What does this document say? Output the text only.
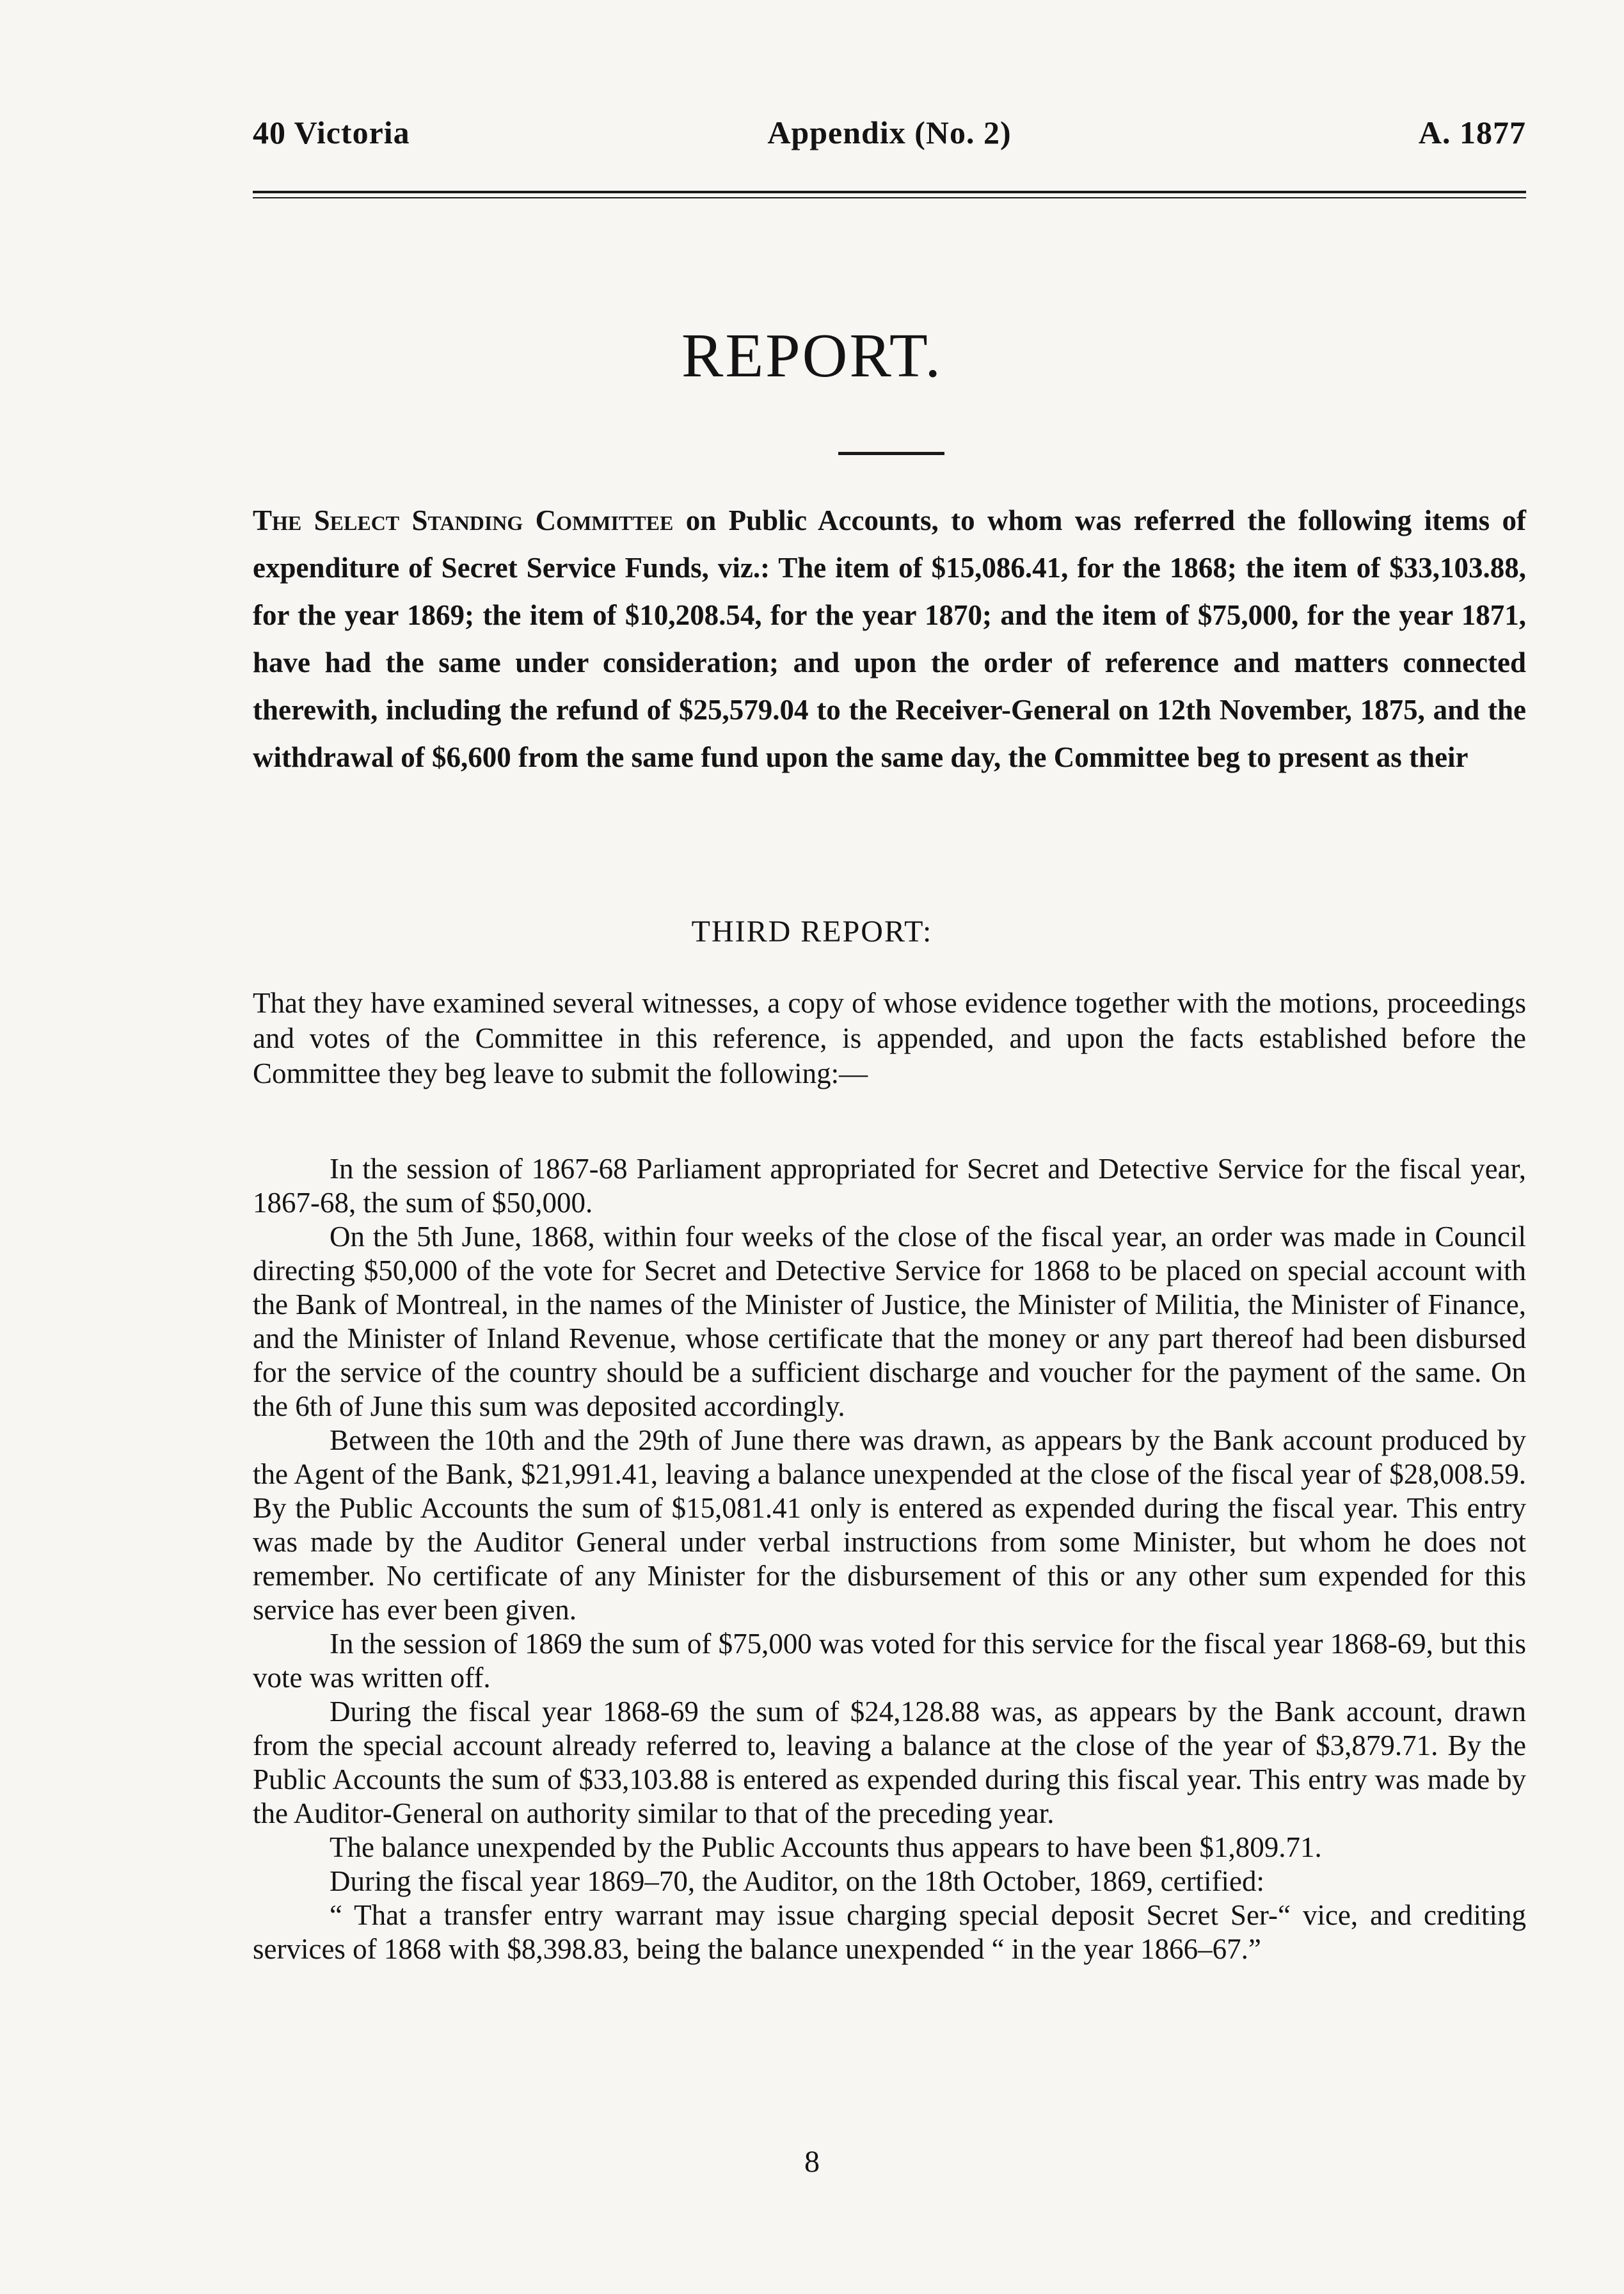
40 Victoria	Appendix (No. 2)	A. 1877
REPORT.
The Select Standing Committee on Public Accounts, to whom was referred the following items of expenditure of Secret Service Funds, viz.: The item of $15,086.41, for the 1868; the item of $33,103.88, for the year 1869; the item of $10,208.54, for the year 1870; and the item of $75,000, for the year 1871, have had the same under consideration; and upon the order of reference and matters connected therewith, including the refund of $25,579.04 to the Receiver-General on 12th November, 1875, and the withdrawal of $6,600 from the same fund upon the same day, the Committee beg to present as their
THIRD REPORT:
That they have examined several witnesses, a copy of whose evidence together with the motions, proceedings and votes of the Committee in this reference, is appended, and upon the facts established before the Committee they beg leave to submit the following:—

In the session of 1867-68 Parliament appropriated for Secret and Detective Service for the fiscal year, 1867-68, the sum of $50,000.

On the 5th June, 1868, within four weeks of the close of the fiscal year, an order was made in Council directing $50,000 of the vote for Secret and Detective Service for 1868 to be placed on special account with the Bank of Montreal, in the names of the Minister of Justice, the Minister of Militia, the Minister of Finance, and the Minister of Inland Revenue, whose certificate that the money or any part thereof had been disbursed for the service of the country should be a sufficient discharge and voucher for the payment of the same. On the 6th of June this sum was deposited accordingly.

Between the 10th and the 29th of June there was drawn, as appears by the Bank account produced by the Agent of the Bank, $21,991.41, leaving a balance unexpended at the close of the fiscal year of $28,008.59. By the Public Accounts the sum of $15,081.41 only is entered as expended during the fiscal year. This entry was made by the Auditor General under verbal instructions from some Minister, but whom he does not remember. No certificate of any Minister for the disbursement of this or any other sum expended for this service has ever been given.

In the session of 1869 the sum of $75,000 was voted for this service for the fiscal year 1868-69, but this vote was written off.

During the fiscal year 1868-69 the sum of $24,128.88 was, as appears by the Bank account, drawn from the special account already referred to, leaving a balance at the close of the year of $3,879.71. By the Public Accounts the sum of $33,103.88 is entered as expended during this fiscal year. This entry was made by the Auditor-General on authority similar to that of the preceding year.

The balance unexpended by the Public Accounts thus appears to have been $1,809.71.

During the fiscal year 1869–70, the Auditor, on the 18th October, 1869, certified:

“ That a transfer entry warrant may issue charging special deposit Secret Ser-“ vice, and crediting services of 1868 with $8,398.83, being the balance unexpended “ in the year 1866–67.”

8
